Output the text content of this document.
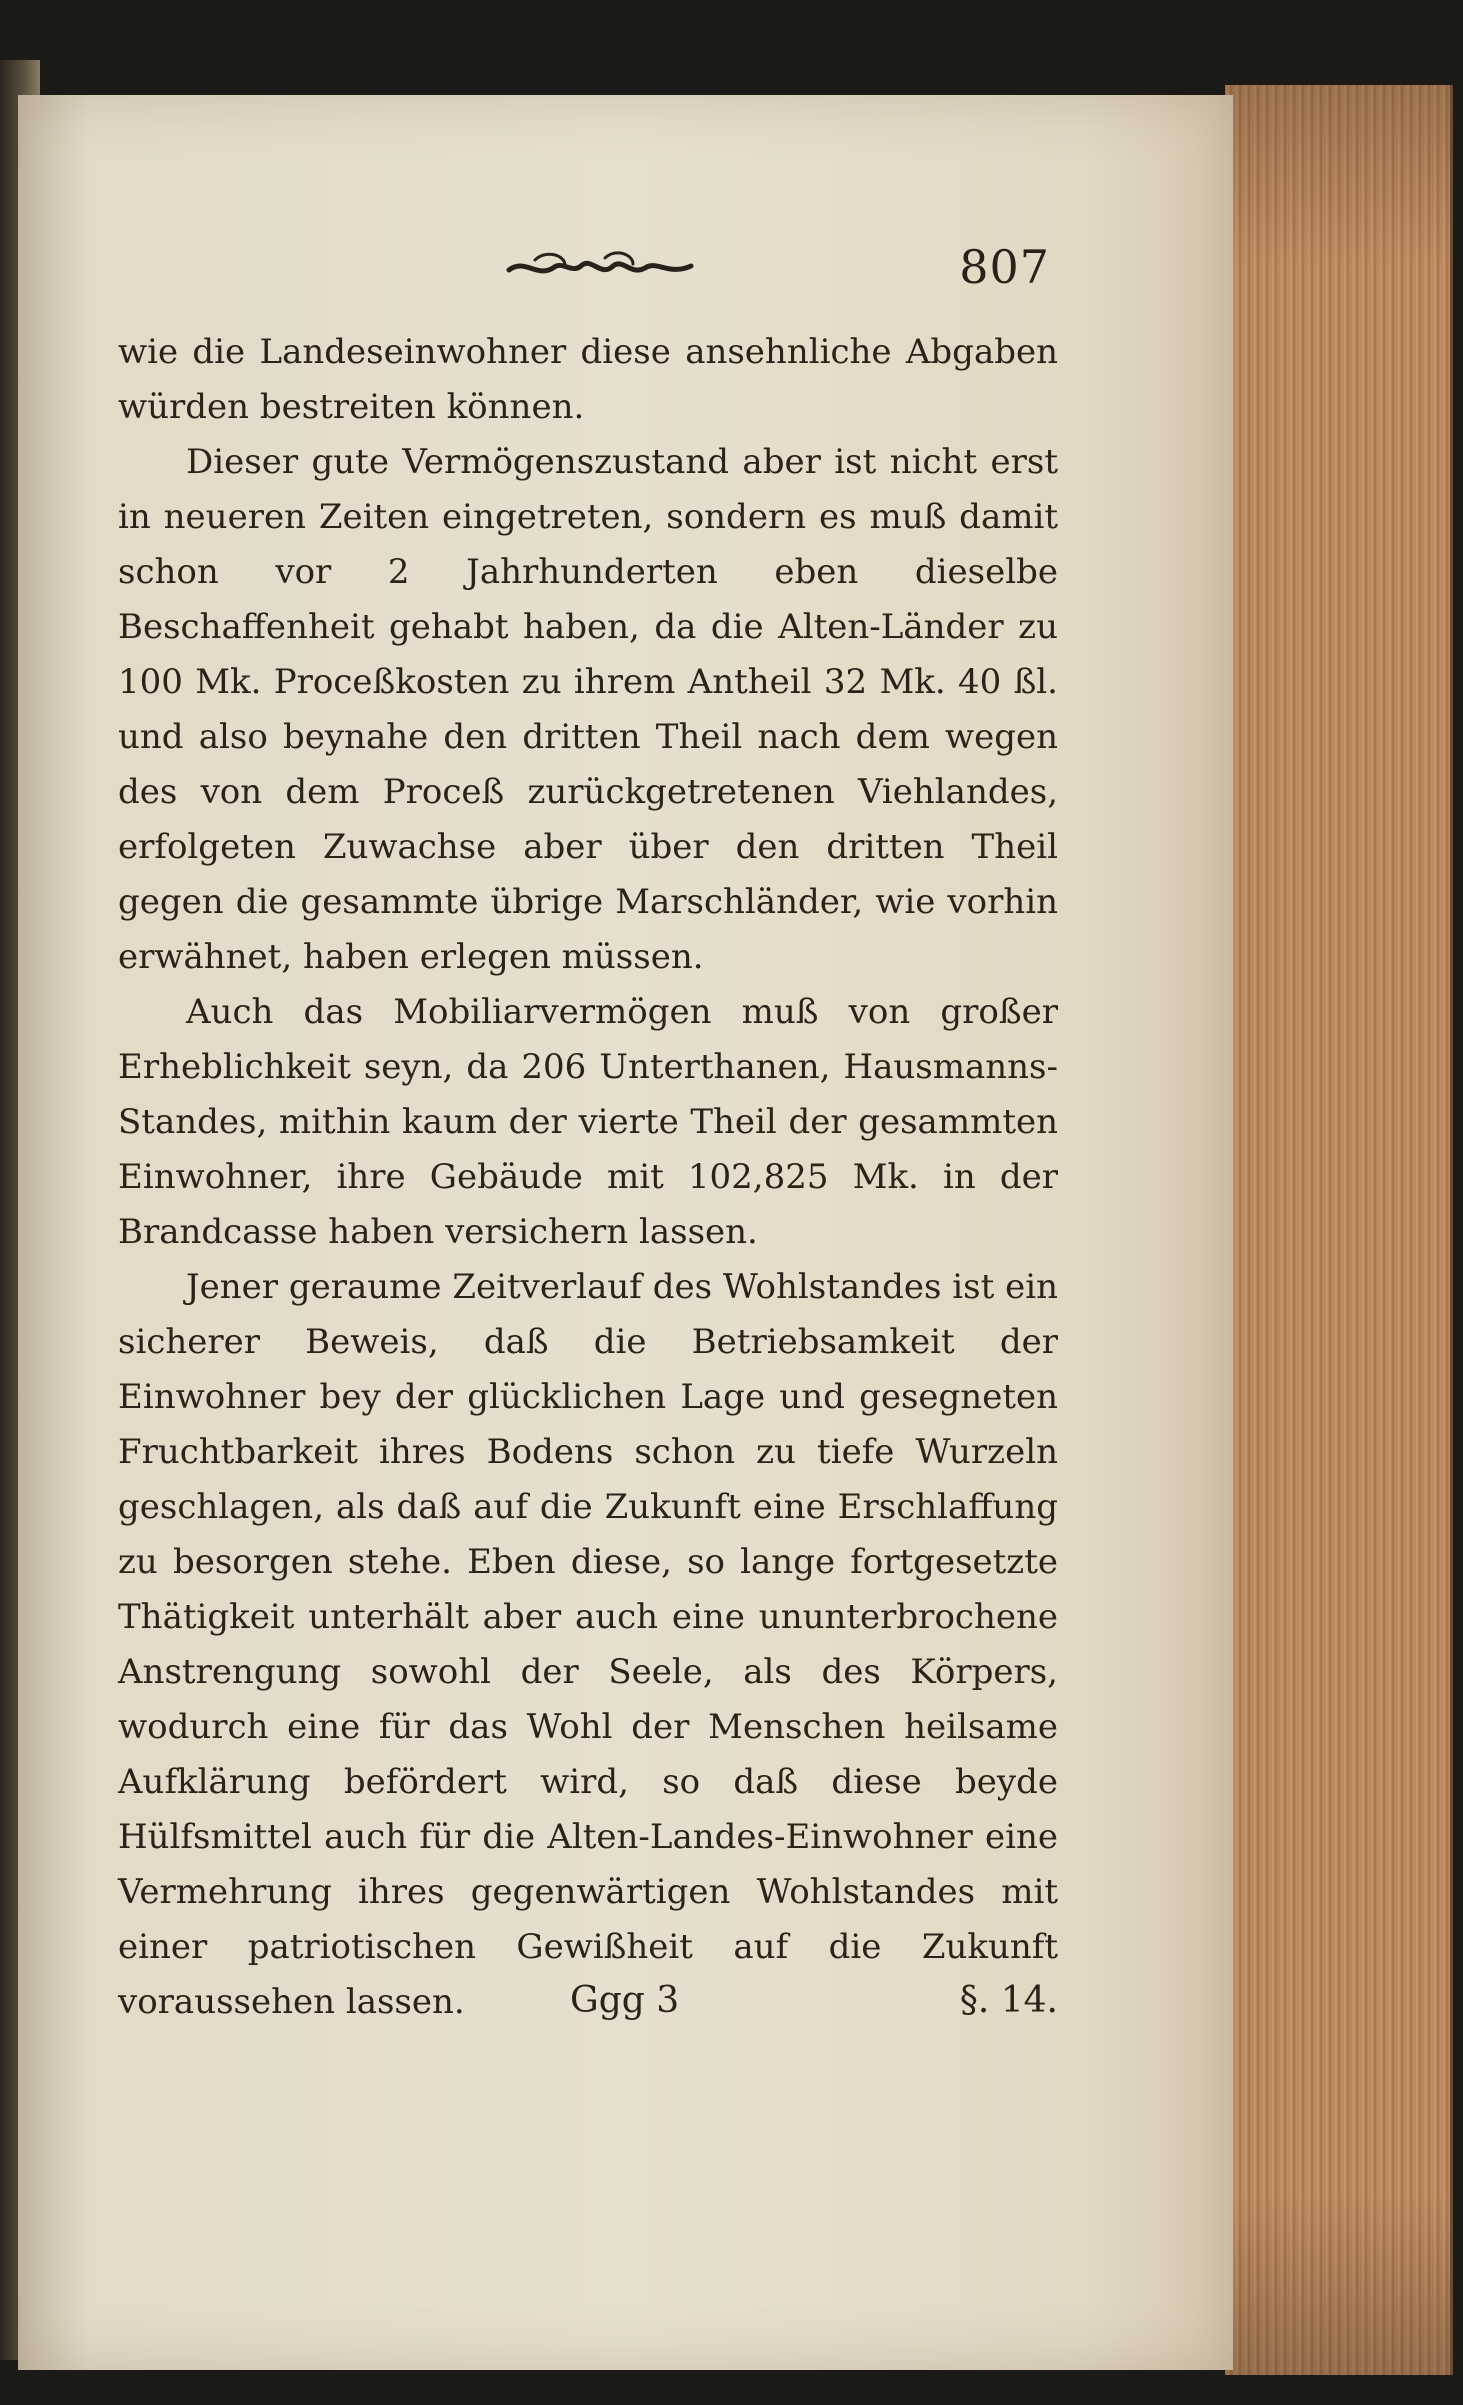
807

wie die Landeseinwohner diese ansehnliche Abgaben würden bestreiten können.

Dieser gute Vermögenszustand aber ist nicht erst in neueren Zeiten eingetreten, sondern es muß damit schon vor 2 Jahrhunderten eben dieselbe Beschaffenheit gehabt haben, da die Alten-Länder zu 100 Mk. Proceßkosten zu ihrem Antheil 32 Mk. 40 ßl. und also beynahe den dritten Theil nach dem wegen des von dem Proceß zurückgetretenen Viehlandes, erfolgeten Zuwachse aber über den dritten Theil gegen die gesammte übrige Marschländer, wie vorhin erwähnet, haben erlegen müssen.

Auch das Mobiliarvermögen muß von großer Erheblichkeit seyn, da 206 Unterthanen, Hausmanns-Standes, mithin kaum der vierte Theil der gesammten Einwohner, ihre Gebäude mit 102,825 Mk. in der Brandcasse haben versichern lassen.

Jener geraume Zeitverlauf des Wohlstandes ist ein sicherer Beweis, daß die Betriebsamkeit der Einwohner bey der glücklichen Lage und gesegneten Fruchtbarkeit ihres Bodens schon zu tiefe Wurzeln geschlagen, als daß auf die Zukunft eine Erschlaffung zu besorgen stehe. Eben diese, so lange fortgesetzte Thätigkeit unterhält aber auch eine ununterbrochene Anstrengung sowohl der Seele, als des Körpers, wodurch eine für das Wohl der Menschen heilsame Aufklärung befördert wird, so daß diese beyde Hülfsmittel auch für die Alten-Landes-Einwohner eine Vermehrung ihres gegenwärtigen Wohlstandes mit einer patriotischen Gewißheit auf die Zukunft voraussehen lassen.	Ggg 3	§. 14.
